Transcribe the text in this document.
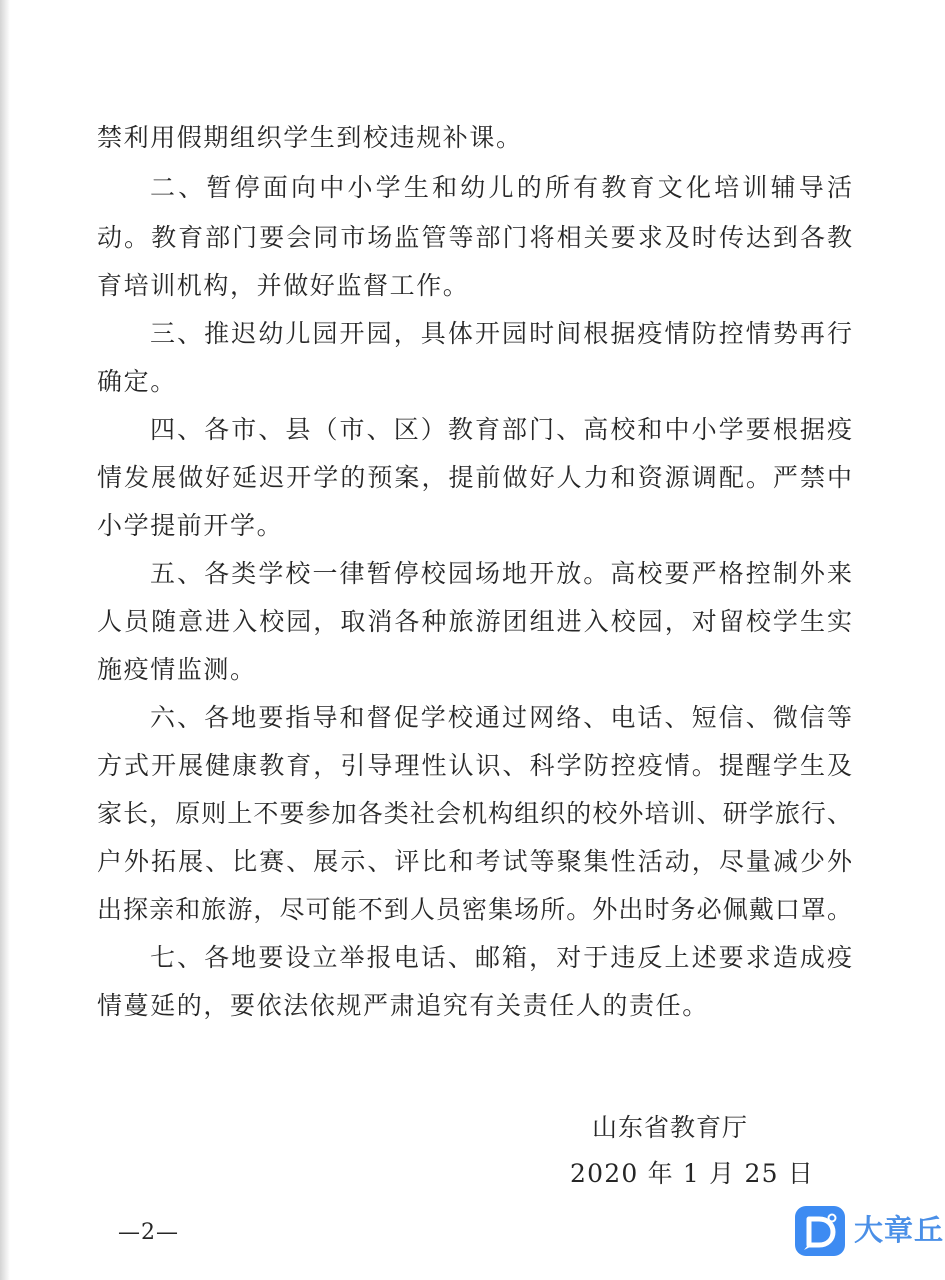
禁利用假期组织学生到校违规补课。
二、暂停面向中小学生和幼儿的所有教育文化培训辅导活
动。教育部门要会同市场监管等部门将相关要求及时传达到各教
育培训机构，并做好监督工作。
三、推迟幼儿园开园，具体开园时间根据疫情防控情势再行
确定。
四、各市、县（市、区）教育部门、高校和中小学要根据疫
情发展做好延迟开学的预案，提前做好人力和资源调配。严禁中
小学提前开学。
五、各类学校一律暂停校园场地开放。高校要严格控制外来
人员随意进入校园，取消各种旅游团组进入校园，对留校学生实
施疫情监测。
六、各地要指导和督促学校通过网络、电话、短信、微信等
方式开展健康教育，引导理性认识、科学防控疫情。提醒学生及
家长，原则上不要参加各类社会机构组织的校外培训、研学旅行、
户外拓展、比赛、展示、评比和考试等聚集性活动，尽量减少外
出探亲和旅游，尽可能不到人员密集场所。外出时务必佩戴口罩。
七、各地要设立举报电话、邮箱，对于违反上述要求造成疫
情蔓延的，要依法依规严肃追究有关责任人的责任。
山东省教育厅
2020 年 1 月 25 日
—2—	大章丘
